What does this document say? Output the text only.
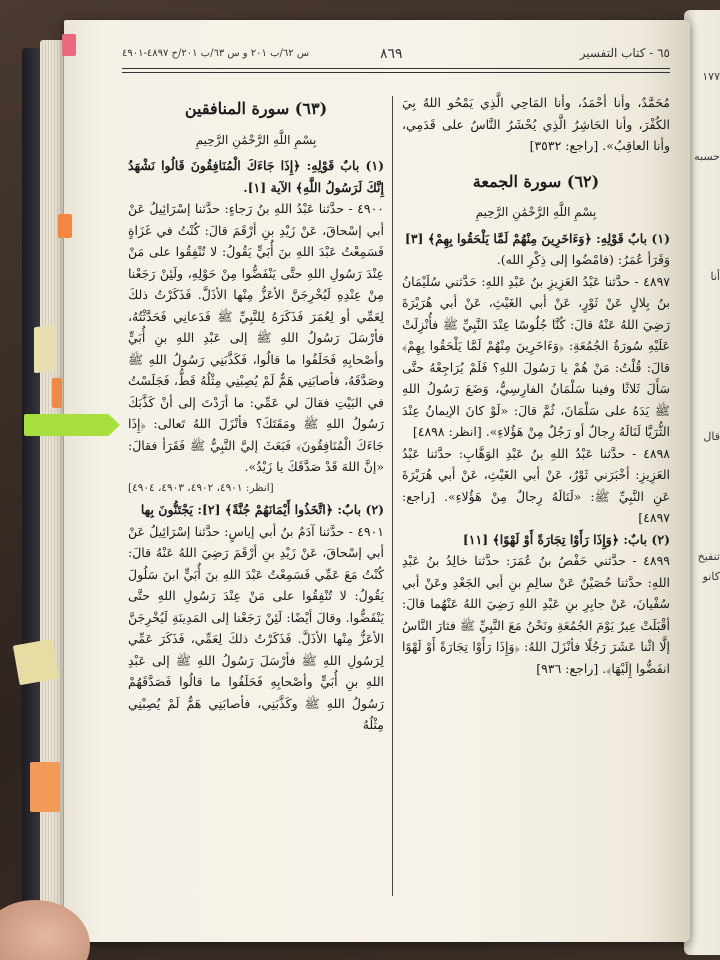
١٧٧
حسبه
أنا
قال
كانو
تنفيخ
س ٦٢/ب ٢٠١ و س ٦٣/ب ٢٠١/ح ٤٨٩٧-٤٩٠١	٨٦٩	٦٥ - كتاب التفسير

مُحَمَّدٌ، وأنا أحْمَدُ، وأنا المَاحِي الَّذِي يَمْحُو اللهُ بِيَ الكُفْرَ، وأنا الحَاشِرُ الَّذِي يُحْشَرُ النَّاسُ على قَدَمِي، وأنا العاقِبُ». [راجع: ٣٥٣٢]

(٦٢) سورة الجمعة
بِسْمِ اللَّهِ الرَّحْمَٰنِ الرَّحِيمِ

(١) بابٌ قَوْلِهِ: ﴿وَءَاخَرِينَ مِنْهُمْ لَمَّا يَلْحَقُوا بِهِمْ﴾ [٣]

وَقَرَأ عُمَرُ: (فامْضُوا إلى ذِكْرِ الله).

٤٨٩٧ - حدَّثنا عَبْدُ العَزِيزِ بنُ عَبْدِ اللهِ: حَدَّثني سُلَيْمَانُ بنُ بِلالٍ عَنْ ثَوْرٍ، عَنْ أبي الغَيْثِ، عَنْ أبي هُرَيْرَةَ رَضِيَ اللهُ عَنْهُ قالَ: كُنَّا جُلُوسًا عِنْدَ النَّبِيِّ ﷺ فأُنْزِلَتْ عَلَيْهِ سُورَةُ الجُمُعَةِ: ﴿وَءَاخَرِينَ مِنْهُمْ لَمَّا يَلْحَقُوا بِهِمْ﴾ قالَ: قُلْتُ: مَنْ هُمْ يا رَسُولَ اللهِ؟ فَلَمْ يُرَاجِعْهُ حتَّى سَأَلَ ثَلاثًا وفينا سَلْمَانُ الفارِسِيُّ، وَضَعَ رَسُولُ اللهِ ﷺ يَدَهُ على سَلْمَانَ، ثُمَّ قالَ: «لَوْ كانَ الإيمانُ عِنْدَ الثُّرَيَّا لَنَالَهُ رِجالٌ أو رَجُلٌ مِنْ هَؤُلاءِ». [انظر: ٤٨٩٨]

٤٨٩٨ - حدَّثنا عَبْدُ اللهِ بنُ عَبْدِ الوَهَّابِ: حدَّثنا عَبْدُ العَزِيزِ: أخْبَرَني ثَوْرٌ، عَنْ أبي الغَيْثِ، عَنْ أبي هُرَيْرَةَ عَنِ النَّبِيِّ ﷺ: «لَنَالَهُ رِجالٌ مِنْ هَؤُلاءِ». [راجع: ٤٨٩٧]

(٢) بابٌ: ﴿وَإِذَا رَأَوْا تِجَارَةً أَوْ لَهْوًا﴾ [١١]

٤٨٩٩ - حدَّثني حَفْصُ بنُ عُمَرَ: حدَّثنا خالِدُ بنُ عَبْدِ اللهِ: حدَّثنا حُصَيْنٌ عَنْ سالِمِ بنِ أبي الجَعْدِ وعَنْ أبي سُفْيانَ، عَنْ جابِرِ بنِ عَبْدِ اللهِ رَضِيَ اللهُ عَنْهُما قالَ: أقْبَلَتْ عِيرٌ يَوْمَ الجُمُعَةِ ونَحْنُ مَعَ النَّبِيِّ ﷺ فثارَ النَّاسُ إلَّا اثْنا عَشَرَ رَجُلًا فأنْزَلَ اللهُ: ﴿وَإِذَا رَأَوْا تِجَارَةً أَوْ لَهْوًا انفَضُّوا إِلَيْهَا﴾. [راجع: ٩٣٦]

(٦٣) سورة المنافقين
بِسْمِ اللَّهِ الرَّحْمَٰنِ الرَّحِيمِ

(١) بابٌ قَوْلِهِ: ﴿إِذَا جَاءَكَ الْمُنَافِقُونَ قَالُوا نَشْهَدُ إِنَّكَ لَرَسُولُ اللَّهِ﴾ الآية [١].

٤٩٠٠ - حدَّثنا عَبْدُ اللهِ بنُ رَجاءٍ: حدَّثنا إسْرَائِيلُ عَنْ أبي إسْحاقَ، عَنْ زَيْدِ بنِ أرْقَمَ قالَ: كُنْتُ في غَزَاةٍ فَسَمِعْتُ عَبْدَ اللهِ بنَ أُبَيٍّ يَقُولُ: لا تُنْفِقُوا على مَنْ عِنْدَ رَسُولِ اللهِ حتَّى يَنْفَضُّوا مِنْ حَوْلِهِ، ولَئِنْ رَجَعْنا مِنْ عِنْدِهِ لَيُخْرِجَنَّ الأعَزُّ مِنْها الأذَلَّ. فَذَكَرْتُ ذلكَ لِعَمِّي أو لِعُمَرَ فَذَكَرَهُ لِلنَّبِيِّ ﷺ فَدَعانِي فَحَدَّثْتُهُ، فأرْسَلَ رَسُولُ اللهِ ﷺ إلى عَبْدِ اللهِ بنِ أُبَيٍّ وأصْحابِهِ فَحَلَفُوا ما قالُوا، فَكَذَّبَنِي رَسُولُ اللهِ ﷺ وصَدَّقَهُ، فأصابَنِي هَمٌّ لَمْ يُصِبْنِي مِثْلُهُ قَطُّ، فَجَلَسْتُ في البَيْتِ فقالَ لي عَمِّي: ما أرَدْتَ إلى أنْ كَذَّبَكَ رَسُولُ اللهِ ﷺ ومَقَتَكَ؟ فأنْزَلَ اللهُ تَعالى: ﴿إِذَا جَاءَكَ الْمُنَافِقُونَ﴾ فَبَعَثَ إليَّ النَّبِيُّ ﷺ فَقَرَأ فقالَ: «إنَّ اللهَ قَدْ صَدَّقَكَ يا زَيْدُ».

[انظر: ٤٩٠١، ٤٩٠٢، ٤٩٠٣، ٤٩٠٤]

(٢) بابٌ: ﴿اتَّخَذُوا أَيْمَانَهُمْ جُنَّةً﴾ [٢]: يَجْتَنُّونَ بِها

٤٩٠١ - حدَّثنا آدَمُ بنُ أبي إياسٍ: حدَّثنا إسْرَائِيلُ عَنْ أبي إسْحاقَ، عَنْ زَيْدِ بنِ أرْقَمَ رَضِيَ اللهُ عَنْهُ قالَ: كُنْتُ مَعَ عَمِّي فَسَمِعْتُ عَبْدَ اللهِ بنَ أُبَيٍّ ابنَ سَلُولَ يَقُولُ: لا تُنْفِقُوا على مَنْ عِنْدَ رَسُولِ اللهِ حتَّى يَنْفَضُّوا. وقالَ أيْضًا: لَئِنْ رَجَعْنا إلى المَدِينَةِ لَيُخْرِجَنَّ الأعَزُّ مِنْها الأذَلَّ. فَذَكَرْتُ ذلكَ لِعَمِّي، فَذَكَرَ عَمِّي لِرَسُولِ اللهِ ﷺ فأرْسَلَ رَسُولُ اللهِ ﷺ إلى عَبْدِ اللهِ بنِ أُبَيٍّ وأصْحابِهِ فَحَلَفُوا ما قالُوا فَصَدَّقَهُمْ رَسُولُ اللهِ ﷺ وكَذَّبَنِي، فأصابَنِي هَمٌّ لَمْ يُصِبْنِي مِثْلُهُ
